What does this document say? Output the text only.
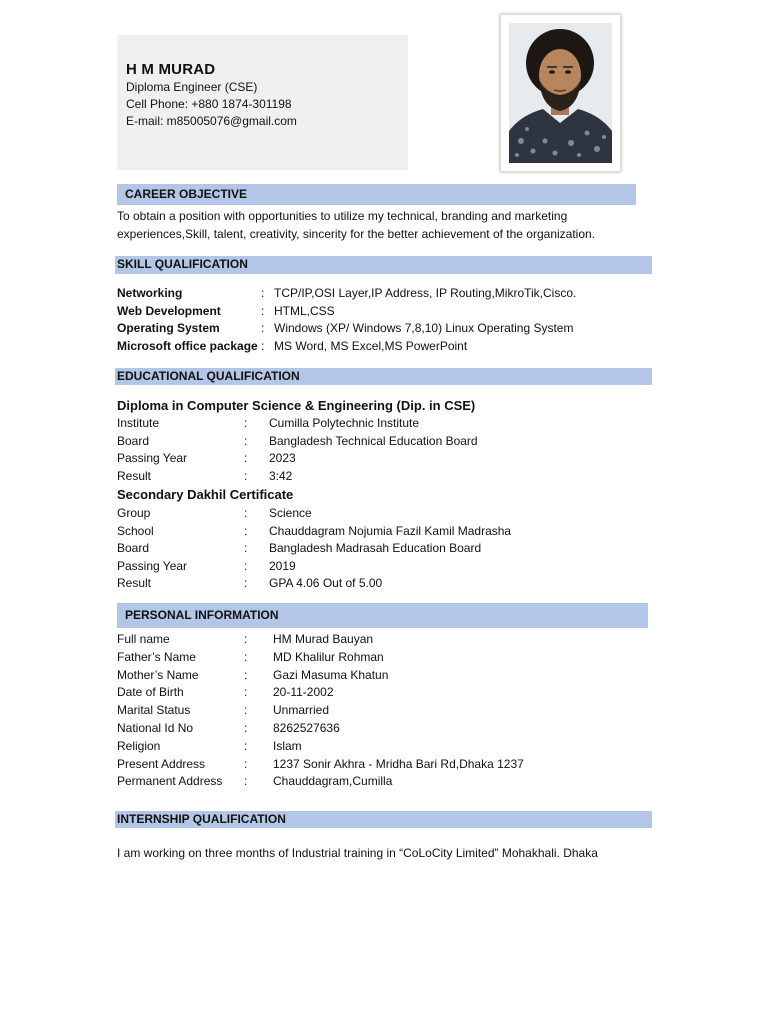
H M MURAD
Diploma Engineer (CSE)
Cell Phone: +880 1874-301198
E-mail: m85005076@gmail.com
CAREER OBJECTIVE
To obtain a position with opportunities to utilize my technical, branding and marketing experiences,Skill, talent, creativity, sincerity for the better achievement of the organization.
SKILL QUALIFICATION
Networking	: TCP/IP,OSI Layer,IP Address, IP Routing,MikroTik,Cisco.
Web Development	: HTML,CSS
Operating System	: Windows (XP/ Windows 7,8,10) Linux Operating System
Microsoft office package : MS Word, MS Excel,MS PowerPoint
EDUCATIONAL QUALIFICATION
Diploma in Computer Science & Engineering (Dip. in CSE)
Institute	: Cumilla Polytechnic Institute
Board	: Bangladesh Technical Education Board
Passing Year	: 2023
Result	: 3:42
Secondary Dakhil Certificate
Group	: Science
School	: Chauddagram Nojumia Fazil Kamil Madrasha
Board	: Bangladesh Madrasah Education Board
Passing Year	: 2019
Result	: GPA 4.06 Out of 5.00
PERSONAL INFORMATION
Full name	: HM Murad Bauyan
Father’s Name	: MD Khalilur Rohman
Mother’s Name	: Gazi Masuma Khatun
Date of Birth	: 20-11-2002
Marital Status	: Unmarried
National Id No	: 8262527636
Religion	: Islam
Present Address	: 1237 Sonir Akhra - Mridha Bari Rd,Dhaka 1237
Permanent Address : Chauddagram,Cumilla
INTERNSHIP QUALIFICATION
I am working on three months of Industrial training in “CoLoCity Limited” Mohakhali. Dhaka
